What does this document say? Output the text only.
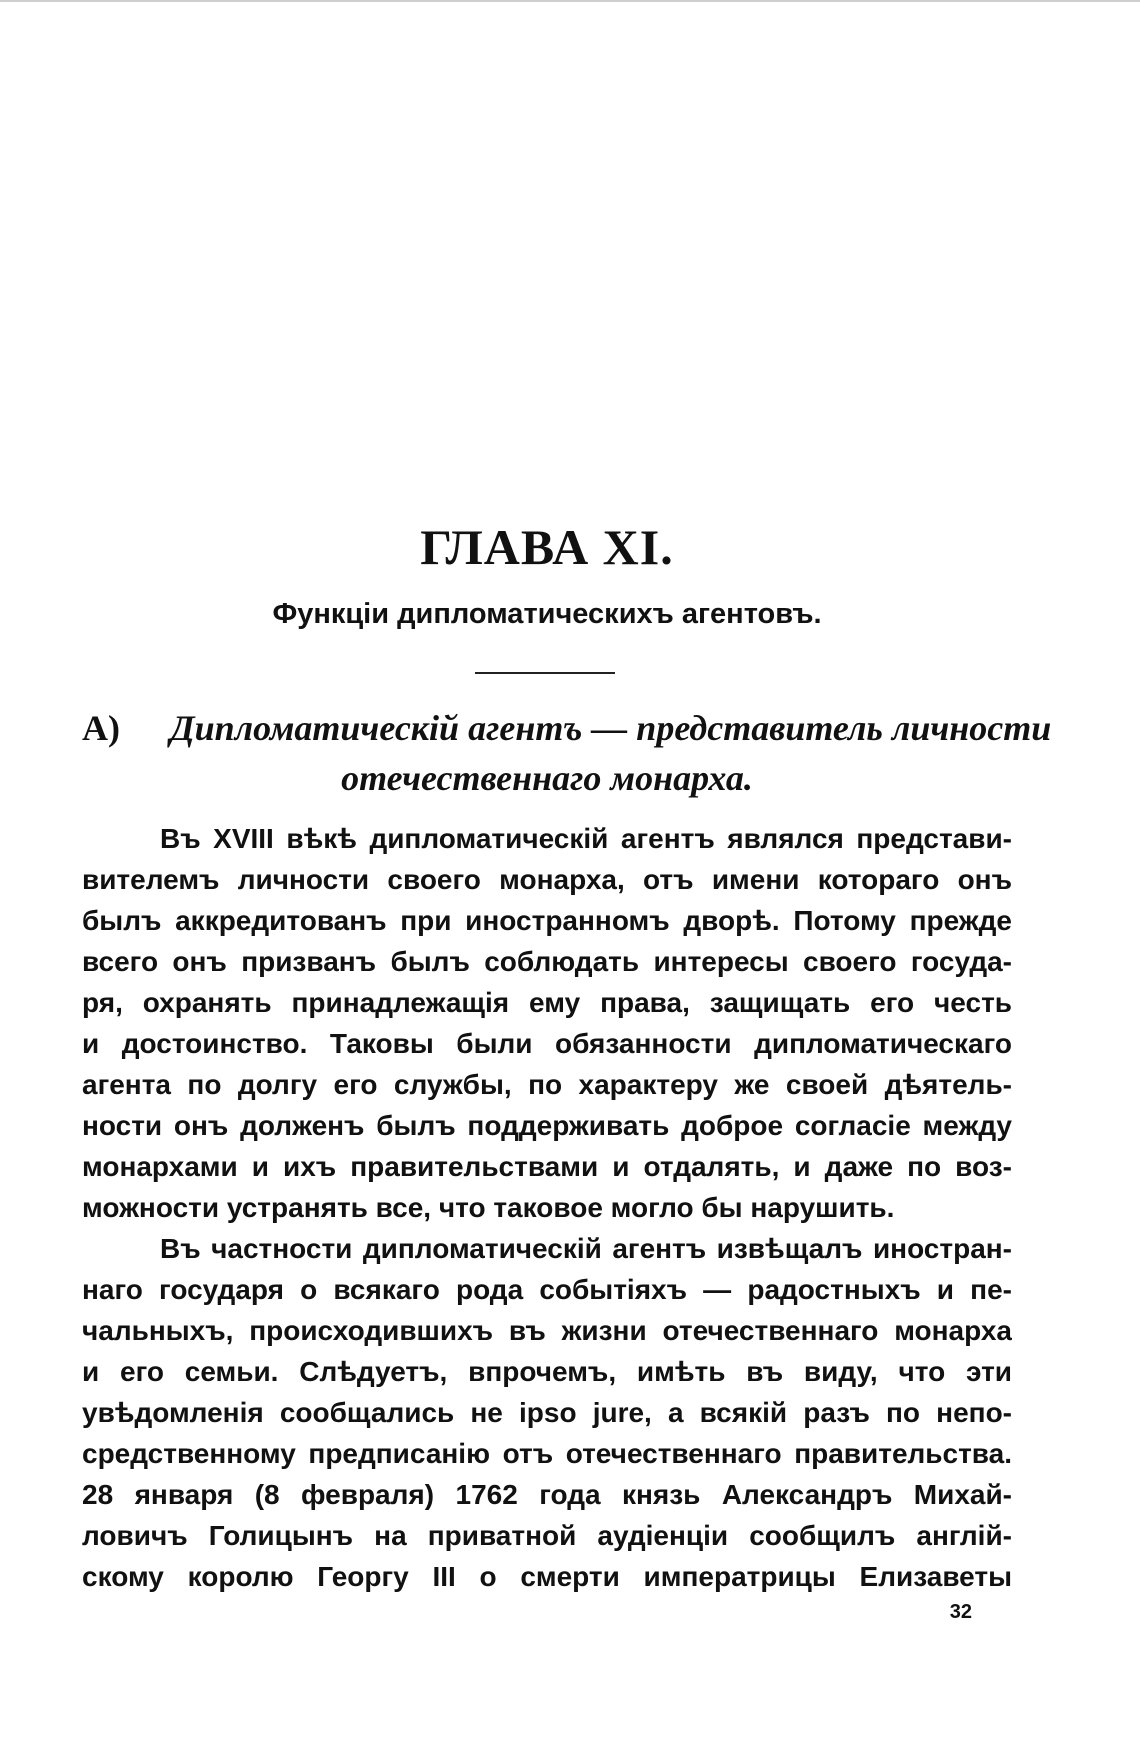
ГЛАВА XI.
Функціи дипломатическихъ агентовъ.
А) Дипломатическій агентъ — представитель личности
отечественнаго монарха.
Въ XVIII вѣкѣ дипломатическій агентъ являлся представи-
вителемъ личности своего монарха, отъ имени котораго онъ
былъ аккредитованъ при иностранномъ дворѣ. Потому прежде
всего онъ призванъ былъ соблюдать интересы своего госуда-
ря, охранять принадлежащія ему права, защищать его честь
и достоинство. Таковы были обязанности дипломатическаго
агента по долгу его службы, по характеру же своей дѣятель-
ности онъ долженъ былъ поддерживать доброе согласіе между
монархами и ихъ правительствами и отдалять, и даже по воз-
можности устранять все, что таковое могло бы нарушить.
Въ частности дипломатическій агентъ извѣщалъ иностран-
наго государя о всякаго рода событіяхъ — радостныхъ и пе-
чальныхъ, происходившихъ въ жизни отечественнаго монарха
и его семьи. Слѣдуетъ, впрочемъ, имѣть въ виду, что эти
увѣдомленія сообщались не ipso jure, а всякій разъ по непо-
средственному предписанію отъ отечественнаго правительства.
28 января (8 февраля) 1762 года князь Александръ Михай-
ловичъ Голицынъ на приватной аудіенціи сообщилъ англій-
скому королю Георгу III о смерти императрицы Елизаветы
32
